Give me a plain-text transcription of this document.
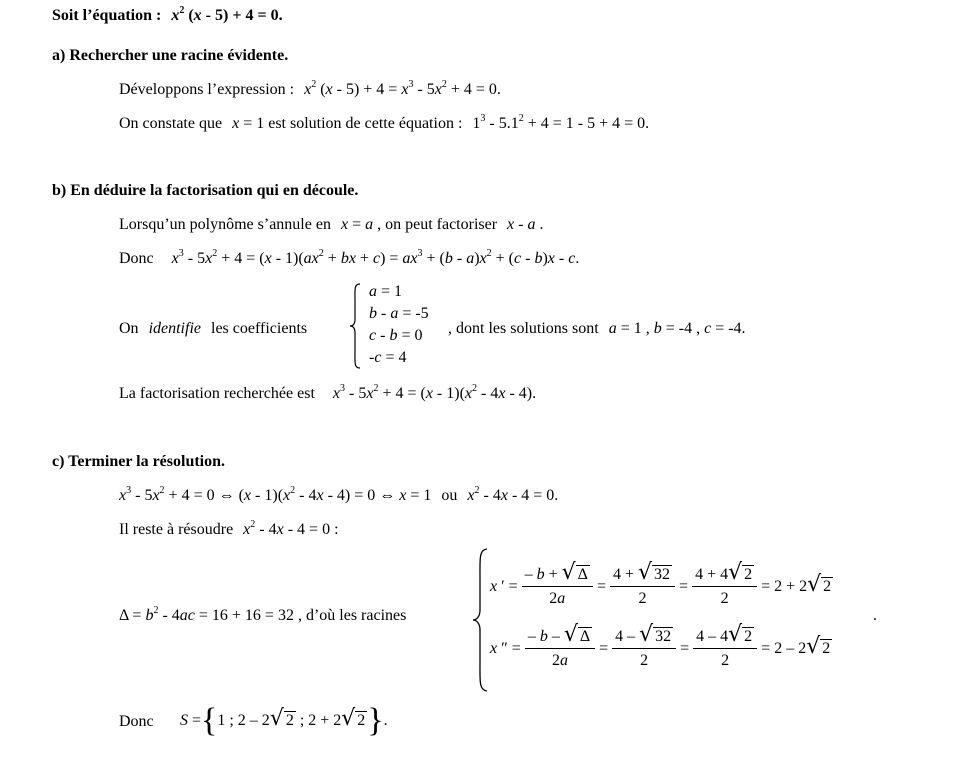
Soit l’équation : $x^2$ (x - 5) + 4 = 0.
a) Rechercher une racine évidente.
Développons l’expression : $x^2$ $(x - 5) + 4 = x^3 - 5x^2 + 4 = 0$.
On constate que x = 1 est solution de cette équation : $1^3 - 5.1^2 + 4 = 1 - 5 + 4 = 0$.
b) En déduire la factorisation qui en découle.
Lorsqu’un polynôme s’annule en x = a , on peut factoriser x - a .
Donc $x^3 - 5x^2 + 4 = (x - 1)(ax^2$ + bx + $c) = ax^3 + (b - a)x^2 + (c - b)x - c$.
On identifie les coefficients
a = 1
b - a = -5
c - b = 0
-c = 4
, dont les solutions sont a = 1 , b = -4 , c = -4.
La factorisation recherchée est $x^3 - 5x^2 + 4 = (x - 1)(x^2 - 4x - 4)$.
c) Terminer la résolution.
$x^3 - 5x^2 + 4 = 0$ ⇔ $(x - 1)(x^2 - 4x - 4) = 0$ ⇔ x = 1 ou $x^2 - 4x - 4 = 0$.
Il reste à résoudre $x^2 - 4x - 4 = 0$ :
$\Delta = b^2 - 4ac = 16 + 16 = 32$ , d’où les racines
x ′ = $\frac{- b + √ \Delta}{2a} = \frac{4 + √ 32}{2} = \frac{4 + 4 √ 2}{2} = 2 + 2$ √ 2
.
x ″ = $\frac{- b - √ \Delta}{2a} = \frac{4 - √ 32}{2} = \frac{4 - 4 √ 2}{2} = 2 - 2$ √ 2
Donc S = { 1 ; 2 – 2 √ 2 ; 2 + 2 √ 2 } .
